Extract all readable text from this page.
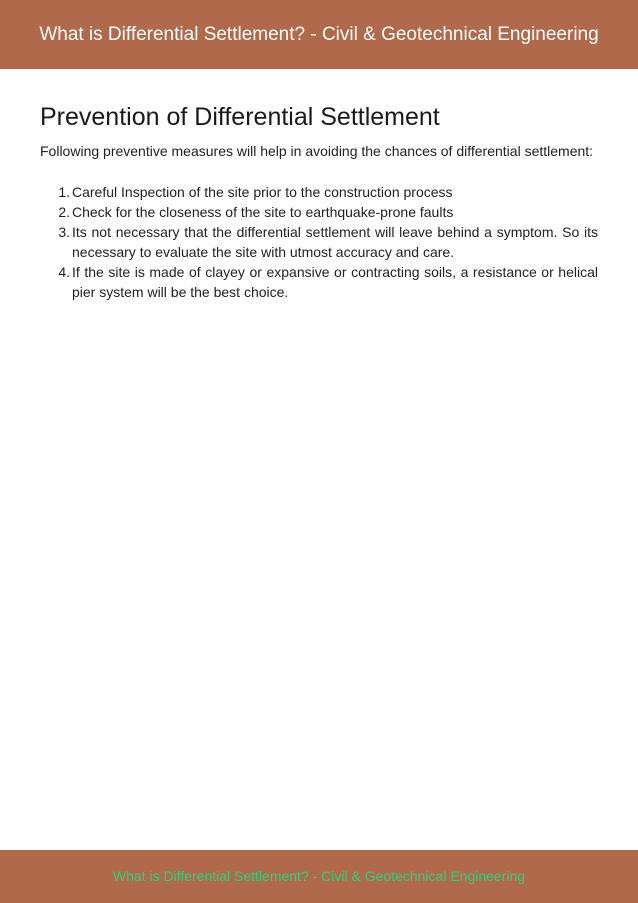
What is Differential Settlement? - Civil & Geotechnical Engineering
Prevention of Differential Settlement

Following preventive measures will help in avoiding the chances of differential settlement:

1. Careful Inspection of the site prior to the construction process
2. Check for the closeness of the site to earthquake-prone faults
3. Its not necessary that the differential settlement will leave behind a symptom. So its necessary to evaluate the site with utmost accuracy and care.
4. If the site is made of clayey or expansive or contracting soils, a resistance or helical pier system will be the best choice.
What is Differential Settlement? - Civil & Geotechnical Engineering
